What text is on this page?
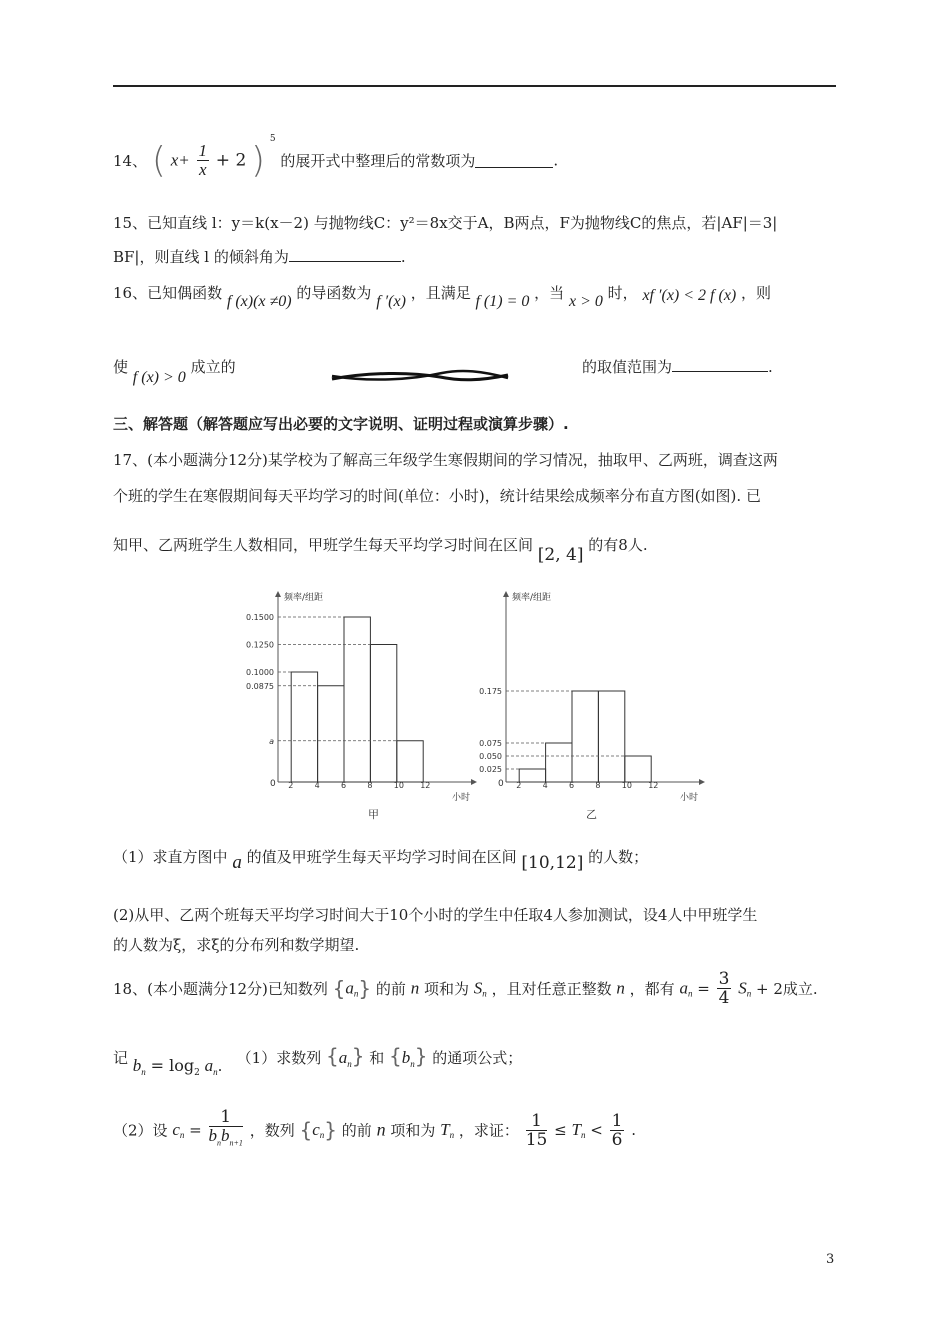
14、 ( $x+ \frac{1}{x} + 2$ ) $^5$ 的展开式中整理后的常数项为	.
15、已知直线 l：y＝k(x－2) 与抛物线C：y²＝8x交于A，B两点，F为抛物线C的焦点，若|AF|＝3|
BF|，则直线 l 的倾斜角为	.
16、已知偶函数 f (x)(x ≠0) 的导函数为 f ′(x) ，且满足 f (1) = 0 ，当 x > 0 时， xf ′(x) < 2 f (x) ，则
使 f (x) > 0 成立的	的取值范围为	.
三、解答题（解答题应写出必要的文字说明、证明过程或演算步骤）.
17、(本小题满分12分)某学校为了解高三年级学生寒假期间的学习情况，抽取甲、乙两班，调查这两
个班的学生在寒假期间每天平均学习的时间(单位：小时)，统计结果绘成频率分布直方图(如图). 已
知甲、乙两班学生人数相同，甲班学生每天平均学习时间在区间 [2, 4] 的有8人.
频率/组距
小时
0 2	4	6	8	10 12
0.1500
0.1250
0.1000
0.0875
a
甲
频率/组距
小时
0 2	4	6	8	10 12
0.175
0.075
0.050
0.025
乙
（1）求直方图中 a 的值及甲班学生每天平均学习时间在区间 [10,12] 的人数；
(2)从甲、乙两个班每天平均学习时间大于10个小时的学生中任取4人参加测试，设4人中甲班学生
的人数为ξ，求ξ的分布列和数学期望.
18、(本小题满分12分)已知数列 $\{a_n\}$ 的前 n 项和为 $S_n$ ，且对任意正整数 n ，都有 $a_n = \frac{3}{4} S_n + 2$成立.
记 $b_n = \log_2 a_n$. （1）求数列 $\{a_n\}$ 和 $\{b_n\}$ 的通项公式；
（2）设 $c_n = \frac{1}{b_nb_{n+1}}$ ，数列 $\{c_n\}$ 的前 n 项和为 $T_n$ ，求证： $\frac{1}{15} \le T_n < \frac{1}{6}$ .
3
